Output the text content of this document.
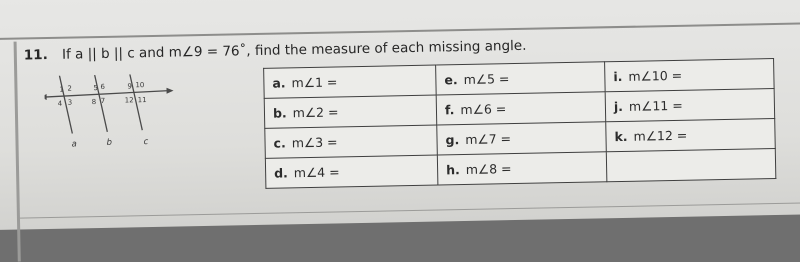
11. If a || b || c and m∠9 = 76˚, find the measure of each missing angle.
1 2
4 3
5 6
8 7
9 10
12 11
a	b	c
a. m∠1 =	e. m∠5 =	i. m∠10 =
b. m∠2 =	f. m∠6 =	j. m∠11 =
c. m∠3 =	g. m∠7 =	k. m∠12 =
d. m∠4 =	h. m∠8 =	
